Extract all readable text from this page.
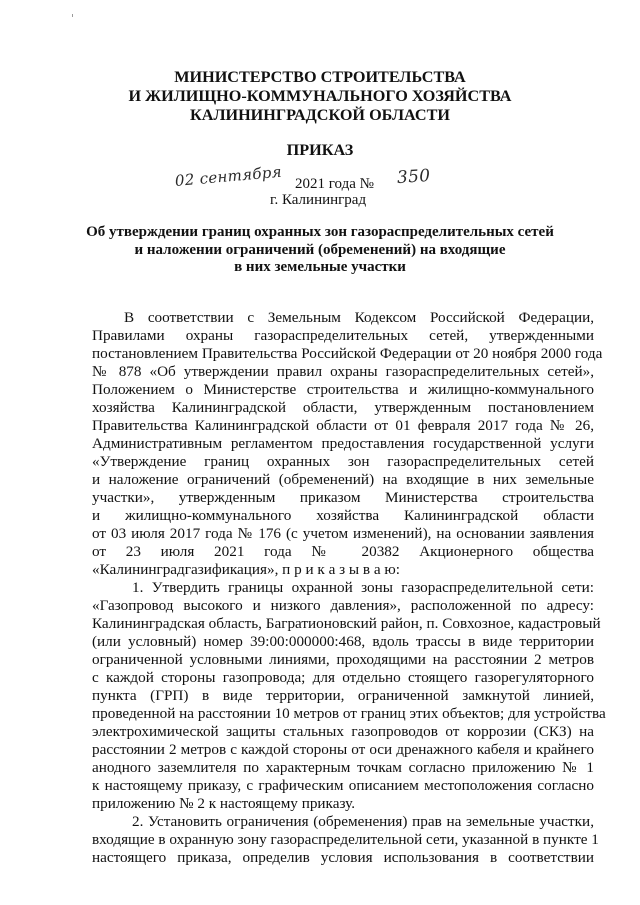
МИНИСТЕРСТВО СТРОИТЕЛЬСТВА
И ЖИЛИЩНО-КОММУНАЛЬНОГО ХОЗЯЙСТВА
КАЛИНИНГРАДСКОЙ ОБЛАСТИ
ПРИКАЗ
02 сентября 2021 года № 350
г. Калининград
Об утверждении границ охранных зон газораспределительных сетей
и наложении ограничений (обременений) на входящие
в них земельные участки
В соответствии с Земельным Кодексом Российской Федерации,
Правилами охраны газораспределительных сетей, утвержденными
постановлением Правительства Российской Федерации от 20 ноября 2000 года
№ 878 «Об утверждении правил охраны газораспределительных сетей»,
Положением о Министерстве строительства и жилищно-коммунального
хозяйства Калининградской области, утвержденным постановлением
Правительства Калининградской области от 01 февраля 2017 года № 26,
Административным регламентом предоставления государственной услуги
«Утверждение границ охранных зон газораспределительных сетей
и наложение ограничений (обременений) на входящие в них земельные
участки», утвержденным приказом Министерства строительства
и жилищно-коммунального хозяйства Калининградской области
от 03 июля 2017 года № 176 (с учетом изменений), на основании заявления
от 23 июля 2021 года № 20382 Акционерного общества
«Калининградгазификация», п р и к а з ы в а ю:
1. Утвердить границы охранной зоны газораспределительной сети:
«Газопровод высокого и низкого давления», расположенной по адресу:
Калининградская область, Багратионовский район, п. Совхозное, кадастровый
(или условный) номер 39:00:000000:468, вдоль трассы в виде территории
ограниченной условными линиями, проходящими на расстоянии 2 метров
с каждой стороны газопровода; для отдельно стоящего газорегуляторного
пункта (ГРП) в виде территории, ограниченной замкнутой линией,
проведенной на расстоянии 10 метров от границ этих объектов; для устройства
электрохимической защиты стальных газопроводов от коррозии (СКЗ) на
расстоянии 2 метров с каждой стороны от оси дренажного кабеля и крайнего
анодного заземлителя по характерным точкам согласно приложению № 1
к настоящему приказу, с графическим описанием местоположения согласно
приложению № 2 к настоящему приказу.
2. Установить ограничения (обременения) прав на земельные участки,
входящие в охранную зону газораспределительной сети, указанной в пункте 1
настоящего приказа, определив условия использования в соответствии
